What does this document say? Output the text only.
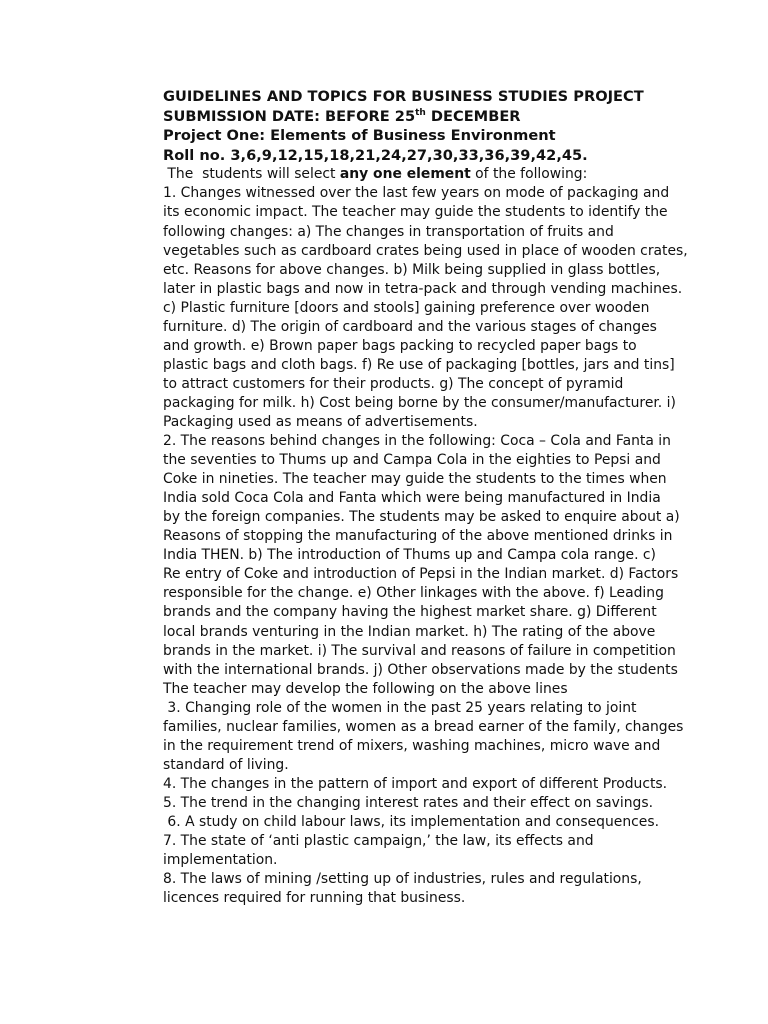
GUIDELINES AND TOPICS FOR BUSINESS STUDIES PROJECT
SUBMISSION DATE: BEFORE 25th DECEMBER
Project One: Elements of Business Environment
Roll no. 3,6,9,12,15,18,21,24,27,30,33,36,39,42,45.
The  students will select any one element of the following:
1. Changes witnessed over the last few years on mode of packaging and
its economic impact. The teacher may guide the students to identify the
following changes: a) The changes in transportation of fruits and
vegetables such as cardboard crates being used in place of wooden crates,
etc. Reasons for above changes. b) Milk being supplied in glass bottles,
later in plastic bags and now in tetra-pack and through vending machines.
c) Plastic furniture [doors and stools] gaining preference over wooden
furniture. d) The origin of cardboard and the various stages of changes
and growth. e) Brown paper bags packing to recycled paper bags to
plastic bags and cloth bags. f) Re use of packaging [bottles, jars and tins]
to attract customers for their products. g) The concept of pyramid
packaging for milk. h) Cost being borne by the consumer/manufacturer. i)
Packaging used as means of advertisements.
2. The reasons behind changes in the following: Coca – Cola and Fanta in
the seventies to Thums up and Campa Cola in the eighties to Pepsi and
Coke in nineties. The teacher may guide the students to the times when
India sold Coca Cola and Fanta which were being manufactured in India
by the foreign companies. The students may be asked to enquire about a)
Reasons of stopping the manufacturing of the above mentioned drinks in
India THEN. b) The introduction of Thums up and Campa cola range. c)
Re entry of Coke and introduction of Pepsi in the Indian market. d) Factors
responsible for the change. e) Other linkages with the above. f) Leading
brands and the company having the highest market share. g) Different
local brands venturing in the Indian market. h) The rating of the above
brands in the market. i) The survival and reasons of failure in competition
with the international brands. j) Other observations made by the students
The teacher may develop the following on the above lines
3. Changing role of the women in the past 25 years relating to joint
families, nuclear families, women as a bread earner of the family, changes
in the requirement trend of mixers, washing machines, micro wave and
standard of living.
4. The changes in the pattern of import and export of different Products.
5. The trend in the changing interest rates and their effect on savings.
6. A study on child labour laws, its implementation and consequences.
7. The state of ‘anti plastic campaign,’ the law, its effects and
implementation.
8. The laws of mining /setting up of industries, rules and regulations,
licences required for running that business.
